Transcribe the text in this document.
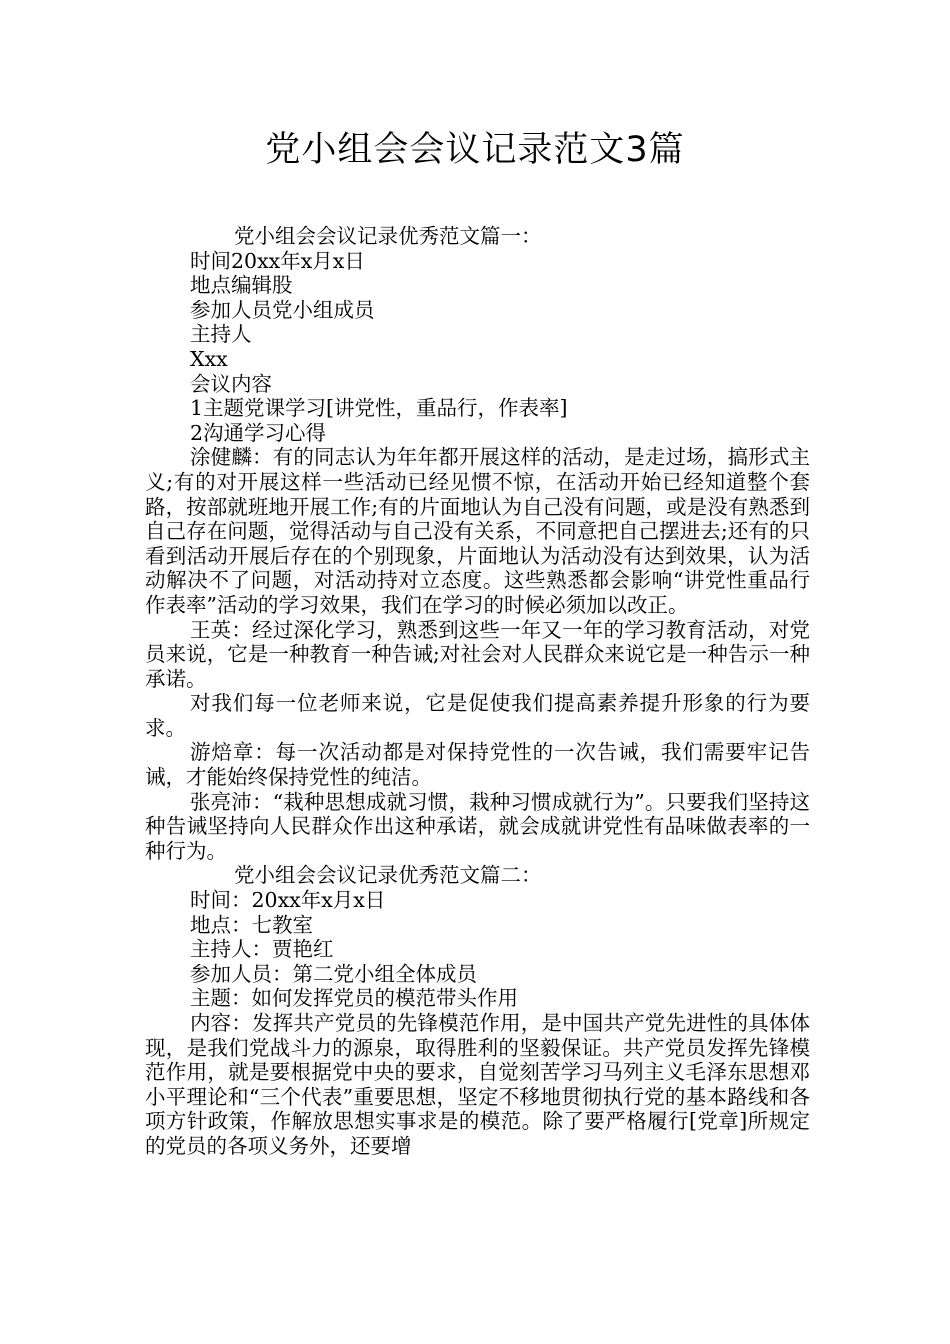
党小组会会议记录范文3篇

党小组会会议记录优秀范文篇一：

时间20xx年x月x日

地点编辑股

参加人员党小组成员

主持人

Xxx

会议内容

1主题党课学习[讲党性，重品行，作表率]

2沟通学习心得

涂健麟：有的同志认为年年都开展这样的活动，是走过场，搞形式主义;有的对开展这样一些活动已经见惯不惊，在活动开始已经知道整个套路，按部就班地开展工作;有的片面地认为自己没有问题，或是没有熟悉到自己存在问题，觉得活动与自己没有关系，不同意把自己摆进去;还有的只看到活动开展后存在的个别现象，片面地认为活动没有达到效果，认为活动解决不了问题，对活动持对立态度。这些熟悉都会影响“讲党性重品行作表率”活动的学习效果，我们在学习的时候必须加以改正。

王英：经过深化学习，熟悉到这些一年又一年的学习教育活动，对党员来说，它是一种教育一种告诫;对社会对人民群众来说它是一种告示一种承诺。

对我们每一位老师来说，它是促使我们提高素养提升形象的行为要求。

游焙章：每一次活动都是对保持党性的一次告诫，我们需要牢记告诫，才能始终保持党性的纯洁。

张亮沛：“栽种思想成就习惯，栽种习惯成就行为”。只要我们坚持这种告诫坚持向人民群众作出这种承诺，就会成就讲党性有品味做表率的一种行为。

党小组会会议记录优秀范文篇二：

时间：20xx年x月x日

地点：七教室

主持人：贾艳红

参加人员：第二党小组全体成员

主题：如何发挥党员的模范带头作用

内容：发挥共产党员的先锋模范作用，是中国共产党先进性的具体体现，是我们党战斗力的源泉，取得胜利的坚毅保证。共产党员发挥先锋模范作用，就是要根据党中央的要求，自觉刻苦学习马列主义毛泽东思想邓小平理论和“三个代表”重要思想，坚定不移地贯彻执行党的基本路线和各项方针政策，作解放思想实事求是的模范。除了要严格履行[党章]所规定的党员的各项义务外，还要增
